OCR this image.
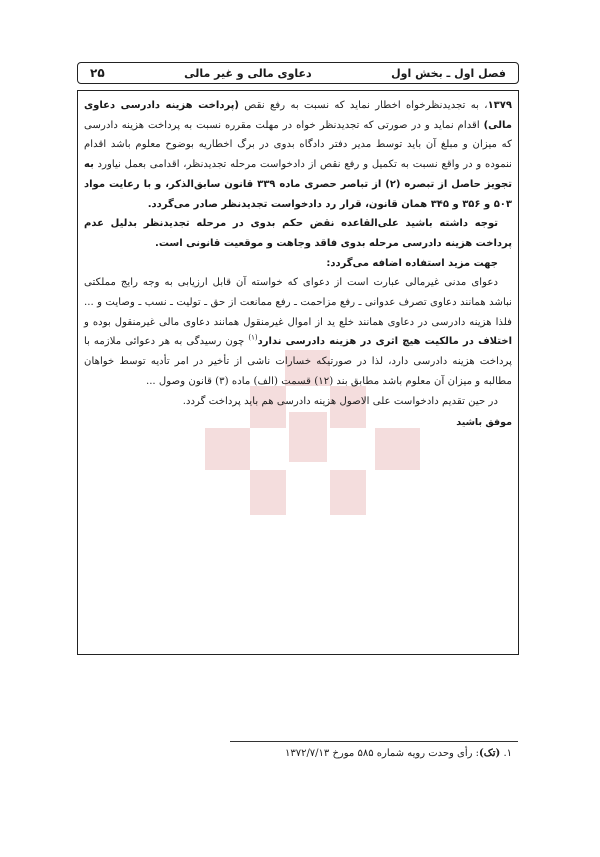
فصل اول ـ بخش اول
دعاوی مالی و غیر مالی
۲۵

۱۳۷۹، به تجدیدنظرخواه اخطار نماید که نسبت به رفع نقص (پرداخت هزینه دادرسی دعاوی مالی) اقدام نماید و در صورتی که تجدیدنظر خواه در مهلت مقرره نسبت به پرداخت هزینه دادرسی که میزان و مبلغ آن باید توسط مدیر دفتر دادگاه بدوی در برگ اخطاریه بوضوح معلوم باشد اقدام ننموده و در واقع نسبت به تکمیل و رفع نقص از دادخواست مرحله تجدیدنظر، اقدامی بعمل نیاورد به تجویز حاصل از تبصره (۲) از تباصر حصری ماده ۳۳۹ قانون سابق‌الذکر، و با رعایت مواد ۵۰۳ و ۳۵۶ و ۳۴۵ همان قانون، قرار رد دادخواست تجدیدنظر صادر می‌گردد.

توجه داشته باشید علی‌القاعده نقض حکم بدوی در مرحله تجدیدنظر بدلیل عدم پرداخت هزینه دادرسی مرحله بدوی فاقد وجاهت و موقعیت قانونی است.

جهت مزید استفاده اضافه می‌گردد:

دعوای مدنی غیرمالی عبارت است از دعوای که خواسته آن قابل ارزیابی به وجه رایج مملکتی نباشد همانند دعاوی تصرف عدوانی ـ رفع مزاحمت ـ رفع ممانعت از حق ـ تولیت ـ نسب ـ وصایت و ... فلذا هزینه دادرسی در دعاوی همانند خلع ید از اموال غیرمنقول همانند دعاوی مالی غیرمنقول بوده و اختلاف در مالکیت هیچ اثری در هزینه دادرسی ندارد$^{(۱)}$ چون رسیدگی به هر دعوائی ملازمه با پرداخت هزینه دادرسی دارد، لذا در صورتیکه خسارات ناشی از تأخیر در امر تأدیه توسط خواهان مطالبه و میزان آن معلوم باشد مطابق بند (۱۲) قسمت (الف) ماده (۳) قانون وصول ...

در حین تقدیم دادخواست علی الاصول هزینه دادرسی هم باید پرداخت گردد.

موفق باشید

۱. (تک): رأی وحدت رویه شماره ۵۸۵ مورخ ۱۳۷۲/۷/۱۳
